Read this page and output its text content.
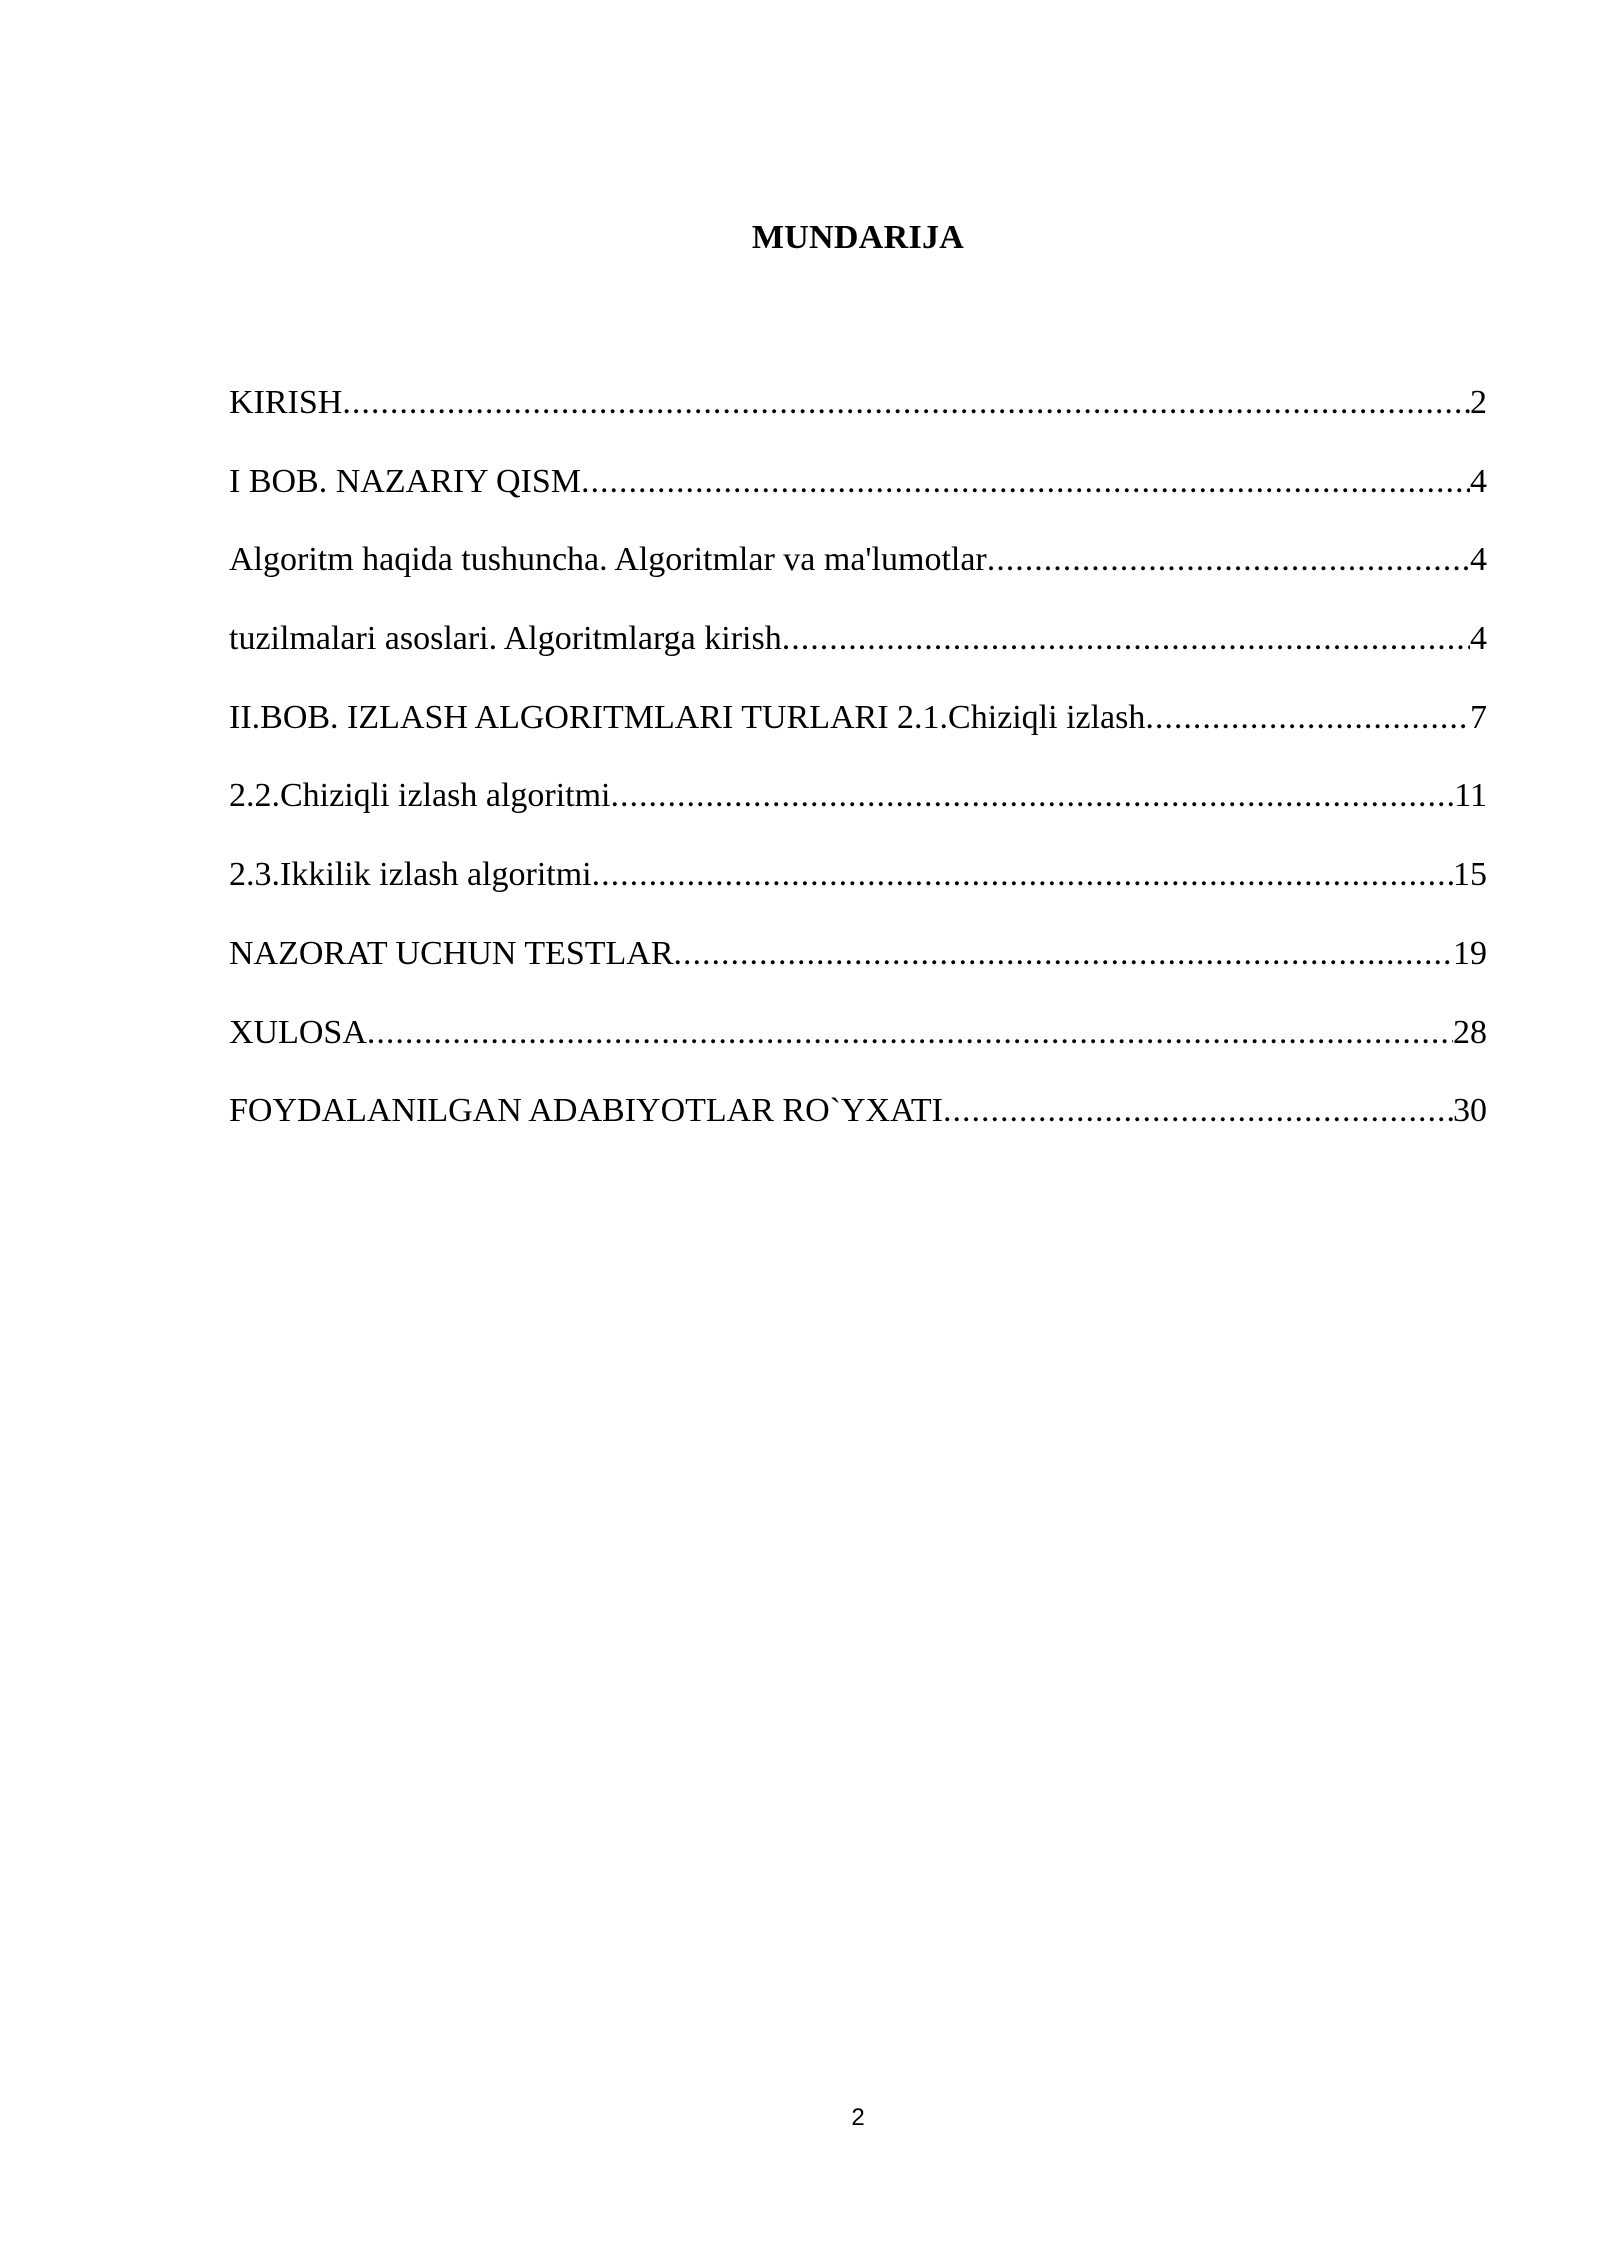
MUNDARIJA
KIRISH .....	2
I BOB. NAZARIY QISM .....	4
Algoritm haqida tushuncha. Algoritmlar va ma'lumotlar .....	4
tuzilmalari asoslari. Algoritmlarga kirish .....	4
II.BOB. IZLASH ALGORITMLARI TURLARI 2.1.Chiziqli izlash .....	7
2.2.Chiziqli izlash algoritmi .....	11
2.3.Ikkilik izlash algoritmi .....	15
NAZORAT UCHUN TESTLAR .....	19
XULOSA .....	28
FOYDALANILGAN ADABIYOTLAR RO`YXATI .....	30
2
